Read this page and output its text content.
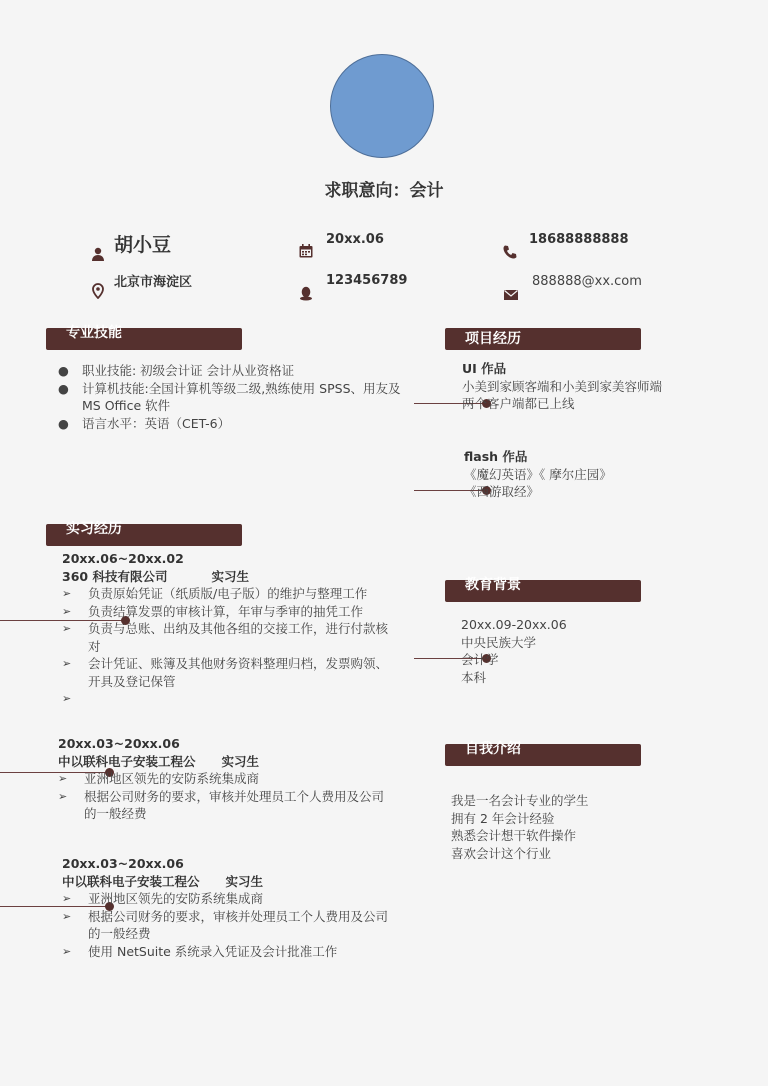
求职意向：会计
胡小豆
北京市海淀区
20xx.06
123456789
18688888888
888888@xx.com
专业技能
● 职业技能: 初级会计证 会计从业资格证
● 计算机技能:全国计算机等级二级,熟练使用 SPSS、用友及
MS Office 软件
● 语言水平：英语（CET-6）
实习经历
20xx.06~20xx.02
360 科技有限公司	实习生
➢	负责原始凭证（纸质版/电子版）的维护与整理工作
➢	负责结算发票的审核计算，年审与季审的抽凭工作
➢	负责与总账、出纳及其他各组的交接工作，进行付款核
对
➢	会计凭证、账簿及其他财务资料整理归档，发票购领、
开具及登记保管
➢
20xx.03~20xx.06
中以联科电子安装工程公 实习生
➢	亚洲地区领先的安防系统集成商
➢	根据公司财务的要求，审核并处理员工个人费用及公司
的一般经费
20xx.03~20xx.06
中以联科电子安装工程公 实习生
➢	亚洲地区领先的安防系统集成商
➢	根据公司财务的要求，审核并处理员工个人费用及公司
的一般经费
➢	使用 NetSuite 系统录入凭证及会计批准工作
项目经历
UI 作品
小美到家顾客端和小美到家美容师端
两个客户端都已上线
flash 作品
《魔幻英语》《 摩尔庄园》
《西游取经》
教育背景
20xx.09-20xx.06
中央民族大学
会计学
本科
自我介绍
我是一名会计专业的学生
拥有 2 年会计经验
熟悉会计想干软件操作
喜欢会计这个行业
